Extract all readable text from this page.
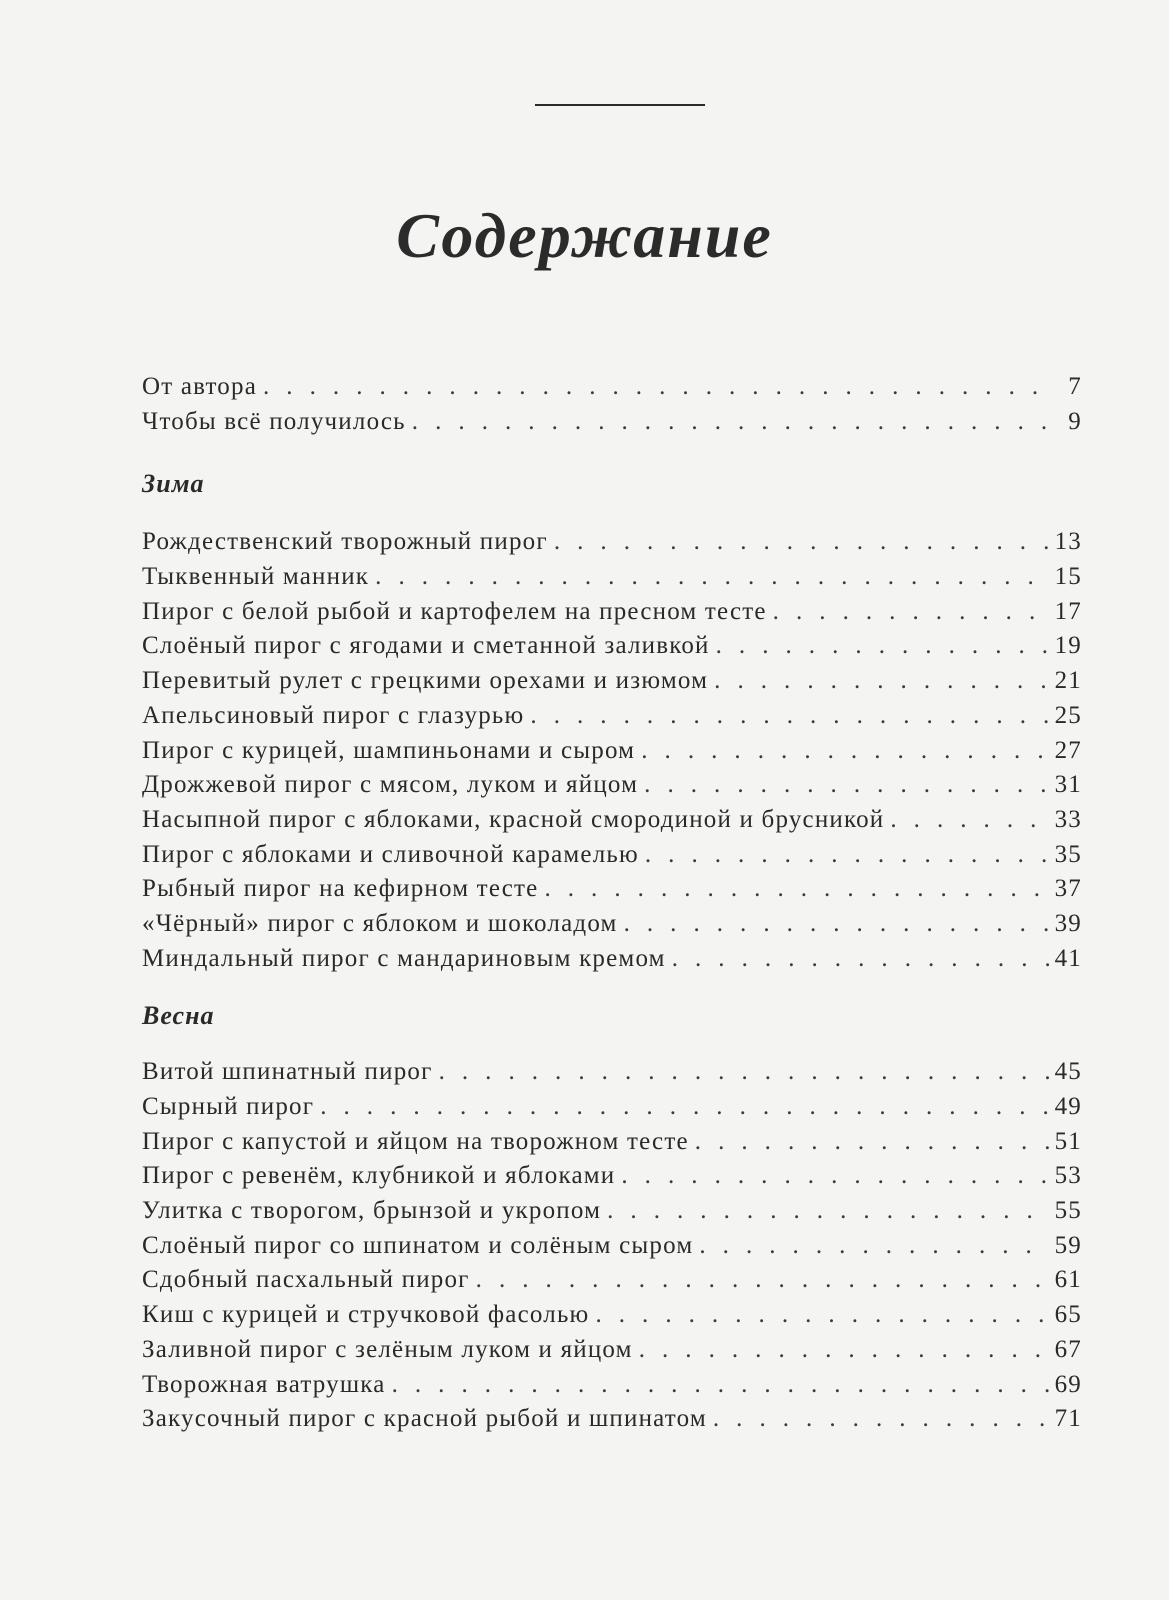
Содержание
От автора . . .	7
Чтобы всё получилось . . .	9
Зима
Рождественский творожный пирог . . .	13
Тыквенный манник . . .	15
Пирог с белой рыбой и картофелем на пресном тесте . . .	17
Слоёный пирог с ягодами и сметанной заливкой . . .	19
Перевитый рулет с грецкими орехами и изюмом . . .	21
Апельсиновый пирог с глазурью . . .	25
Пирог с курицей, шампиньонами и сыром . . .	27
Дрожжевой пирог с мясом, луком и яйцом . . .	31
Насыпной пирог с яблоками, красной смородиной и брусникой . . .	33
Пирог с яблоками и сливочной карамелью . . .	35
Рыбный пирог на кефирном тесте . . .	37
«Чёрный» пирог с яблоком и шоколадом . . .	39
Миндальный пирог с мандариновым кремом . . .	41
Весна
Витой шпинатный пирог . . .	45
Сырный пирог . . .	49
Пирог с капустой и яйцом на творожном тесте . . .	51
Пирог с ревенём, клубникой и яблоками . . .	53
Улитка с творогом, брынзой и укропом . . .	55
Слоёный пирог со шпинатом и солёным сыром . . .	59
Сдобный пасхальный пирог . . .	61
Киш с курицей и стручковой фасолью . . .	65
Заливной пирог с зелёным луком и яйцом . . .	67
Творожная ватрушка . . .	69
Закусочный пирог с красной рыбой и шпинатом . . .	71
